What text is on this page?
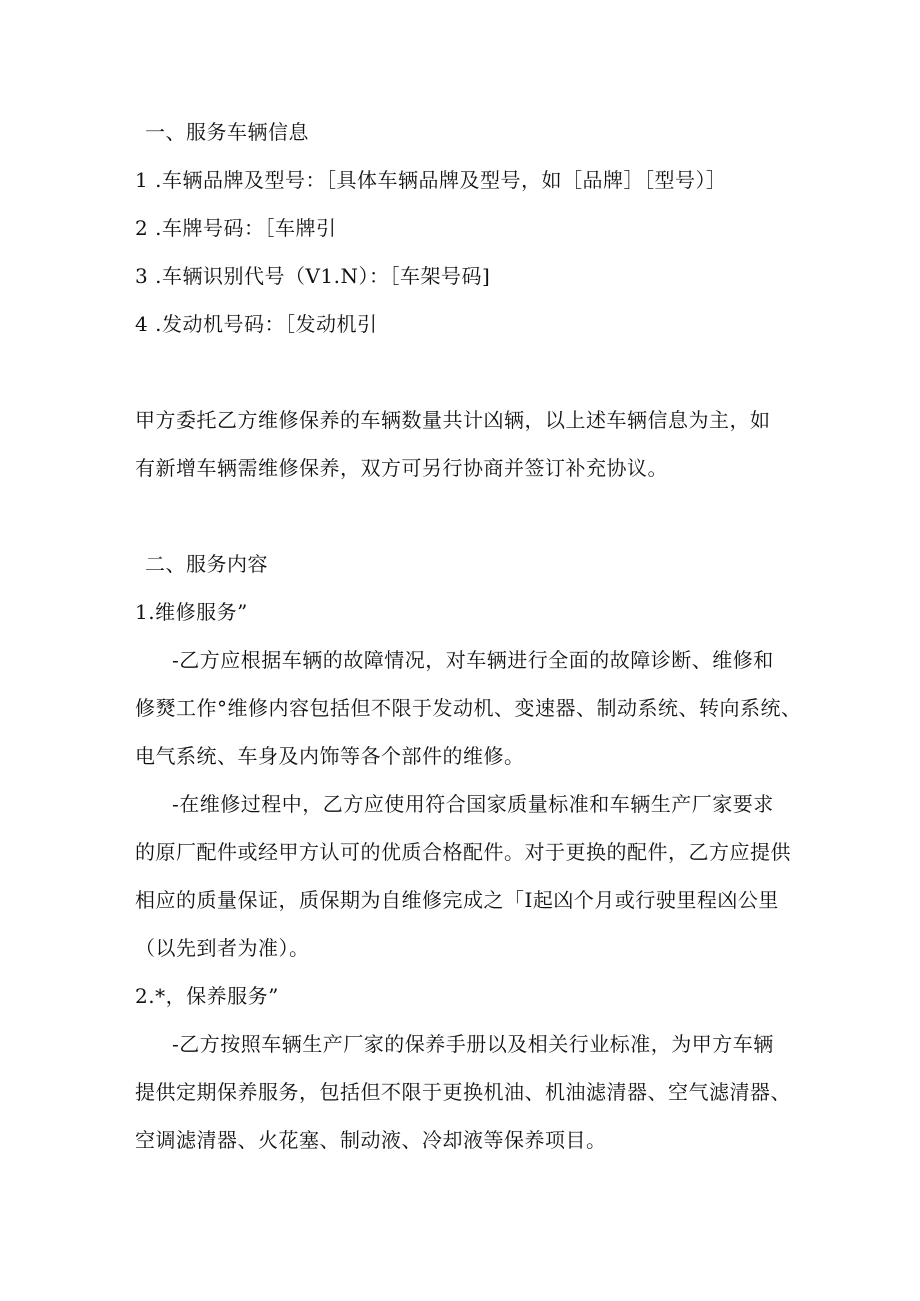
一、服务车辆信息
1 .车辆品牌及型号：［具体车辆品牌及型号，如［品牌］［型号）］
2 .车牌号码：［车牌引
3 .车辆识别代号（V1.N）：［车架号码]
4 .发动机号码：［发动机引
甲方委托乙方维修保养的车辆数量共计凶辆，以上述车辆信息为主，如
有新增车辆需维修保养，双方可另行协商并签订补充协议。
二、服务内容
1.维修服务”
-乙方应根据车辆的故障情况，对车辆进行全面的故障诊断、维修和
修燹工作°维修内容包括但不限于发动机、变速器、制动系统、转向系统、
电气系统、车身及内饰等各个部件的维修。
-在维修过程中，乙方应使用符合国家质量标准和车辆生产厂家要求
的原厂配件或经甲方认可的优质合格配件。对于更换的配件，乙方应提供
相应的质量保证，质保期为自维修完成之「I起凶个月或行驶里程凶公里
（以先到者为准）。
2.*，保养服务”
-乙方按照车辆生产厂家的保养手册以及相关行业标准，为甲方车辆
提供定期保养服务，包括但不限于更换机油、机油滤清器、空气滤清器、
空调滤清器、火花塞、制动液、冷却液等保养项目。
